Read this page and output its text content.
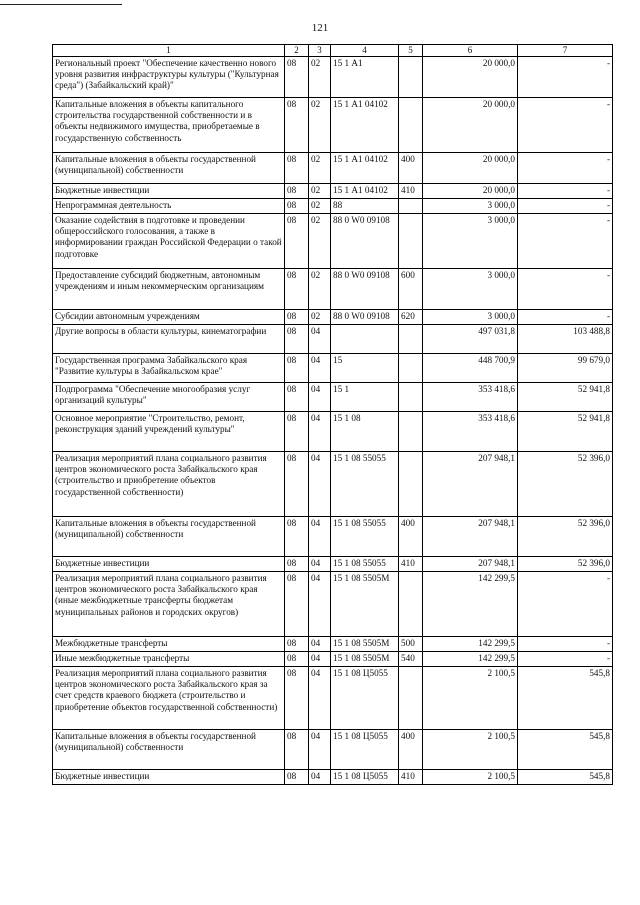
121
1	2	3	4	5	6	7
Региональный проект "Обеспечение качественно нового уровня развития инфраструктуры культуры ("Культурная среда") (Забайкальский край)"	08	02	15 1 А1		20 000,0	-
Капитальные вложения в объекты капитального строительства государственной собственности и в объекты недвижимого имущества, приобретаемые в государственную собственность	08	02	15 1 А1 04102		20 000,0	-
Капитальные вложения в объекты государственной (муниципальной) собственности	08	02	15 1 А1 04102	400	20 000,0	-
Бюджетные инвестиции	08	02	15 1 А1 04102	410	20 000,0	-
Непрограммная деятельность	08	02	88		3 000,0	-
Оказание содействия в подготовке и проведении общероссийского голосования, а также в информировании граждан Российской Федерации о такой подготовке	08	02	88 0 W0 09108		3 000,0	-
Предоставление субсидий бюджетным, автономным учреждениям и иным некоммерческим организациям	08	02	88 0 W0 09108	600	3 000,0	-
Субсидии автономным учреждениям	08	02	88 0 W0 09108	620	3 000,0	-
Другие вопросы в области культуры, кинематографии	08	04			497 031,8	103 488,8
Государственная программа Забайкальского края "Развитие культуры в Забайкальском крае"	08	04	15		448 700,9	99 679,0
Подпрограмма "Обеспечение многообразия услуг организаций культуры"	08	04	15 1		353 418,6	52 941,8
Основное мероприятие "Строительство, ремонт, реконструкция зданий учреждений культуры"	08	04	15 1 08		353 418,6	52 941,8
Реализация мероприятий плана социального развития центров экономического роста Забайкальского края (строительство и приобретение объектов государственной собственности)	08	04	15 1 08 55055		207 948,1	52 396,0
Капитальные вложения в объекты государственной (муниципальной) собственности	08	04	15 1 08 55055	400	207 948,1	52 396,0
Бюджетные инвестиции	08	04	15 1 08 55055	410	207 948,1	52 396,0
Реализация мероприятий плана социального развития центров экономического роста Забайкальского края (иные межбюджетные трансферты бюджетам муниципальных районов и городских округов)	08	04	15 1 08 5505М		142 299,5	-
Межбюджетные трансферты	08	04	15 1 08 5505М	500	142 299,5	-
Иные межбюджетные трансферты	08	04	15 1 08 5505М	540	142 299,5	-
Реализация мероприятий плана социального развития центров экономического роста Забайкальского края за счет средств краевого бюджета (строительство и приобретение объектов государственной собственности)	08	04	15 1 08 Ц5055		2 100,5	545,8
Капитальные вложения в объекты государственной (муниципальной) собственности	08	04	15 1 08 Ц5055	400	2 100,5	545,8
Бюджетные инвестиции	08	04	15 1 08 Ц5055	410	2 100,5	545,8
